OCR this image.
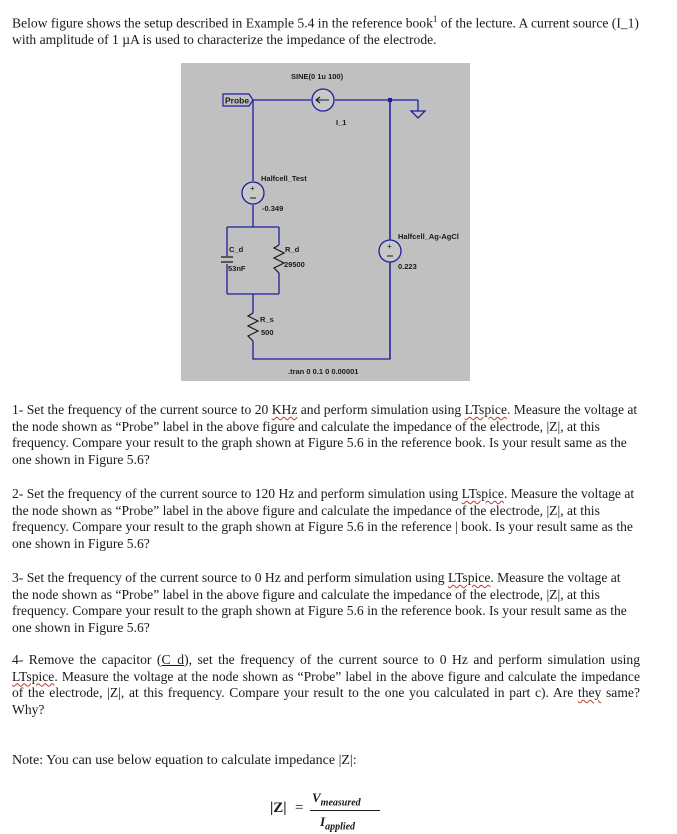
Below figure shows the setup described in Example 5.4 in the reference book$^1$ of the lecture. A current source (I_1) with amplitude of 1 µA is used to characterize the impedance of the electrode.

Probe
SINE(0 1u 100)
I_1
+
Halfcell_Test
-0.349
C_d
53nF
R_d
29500
R_s
500
+
Halfcell_Ag-AgCl
0.223
.tran 0 0.1 0 0.00001

1- Set the frequency of the current source to 20 KHz and perform simulation using LTspice. Measure the voltage at the node shown as “Probe” label in the above figure and calculate the impedance of the electrode, |Z|, at this frequency. Compare your result to the graph shown at Figure 5.6 in the reference book. Is your result same as the one shown in Figure 5.6?

2- Set the frequency of the current source to 120 Hz and perform simulation using LTspice. Measure the voltage at the node shown as “Probe” label in the above figure and calculate the impedance of the electrode, |Z|, at this frequency. Compare your result to the graph shown at Figure 5.6 in the reference | book. Is your result same as the one shown in Figure 5.6?

3- Set the frequency of the current source to 0 Hz and perform simulation using LTspice. Measure the voltage at the node shown as “Probe” label in the above figure and calculate the impedance of the electrode, |Z|, at this frequency. Compare your result to the graph shown at Figure 5.6 in the reference book. Is your result same as the one shown in Figure 5.6?

4- Remove the capacitor (C_d), set the frequency of the current source to 0 Hz and perform simulation using LTspice. Measure the voltage at the node shown as “Probe” label in the above figure and calculate the impedance of the electrode, |Z|, at this frequency. Compare your result to the one you calculated in part c). Are they same? Why?

Note: You can use below equation to calculate impedance |Z|:

|Z| =
$V_{measured}$
$I_{applied}$
